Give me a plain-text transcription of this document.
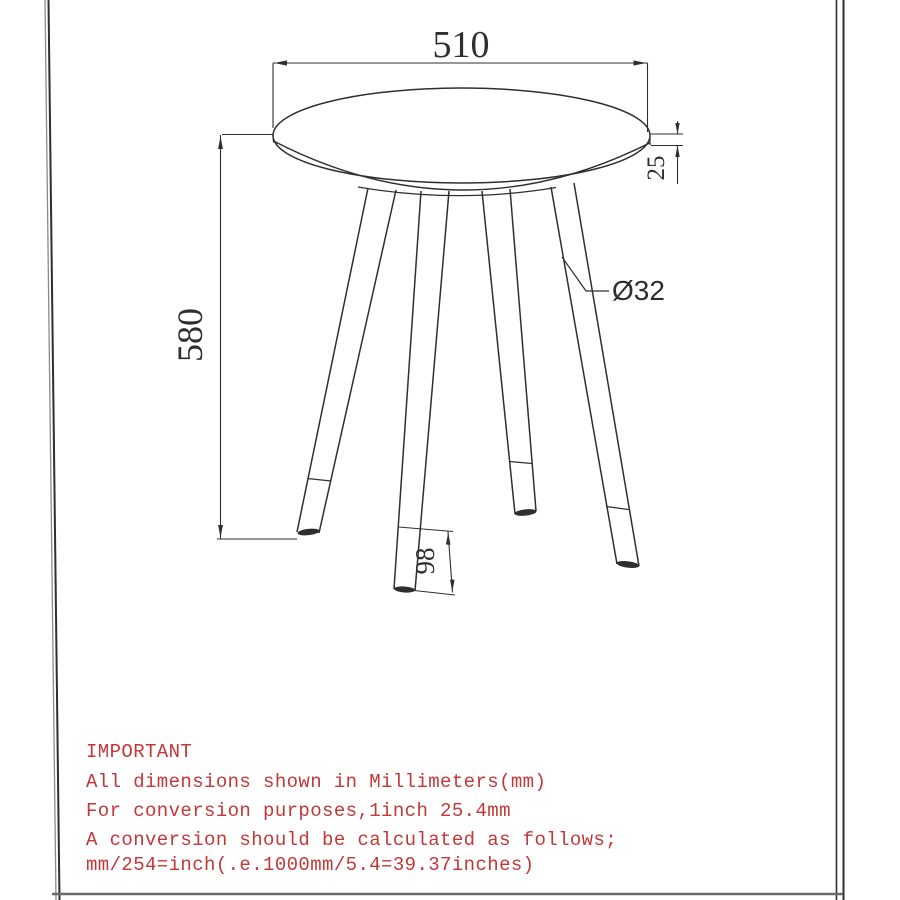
510
580
25
98
Ø32
IMPORTANT
All dimensions shown in Millimeters(mm)
For conversion purposes,1inch 25.4mm
A conversion should be calculated as follows;
mm/254=inch(.e.1000mm/5.4=39.37inches)
